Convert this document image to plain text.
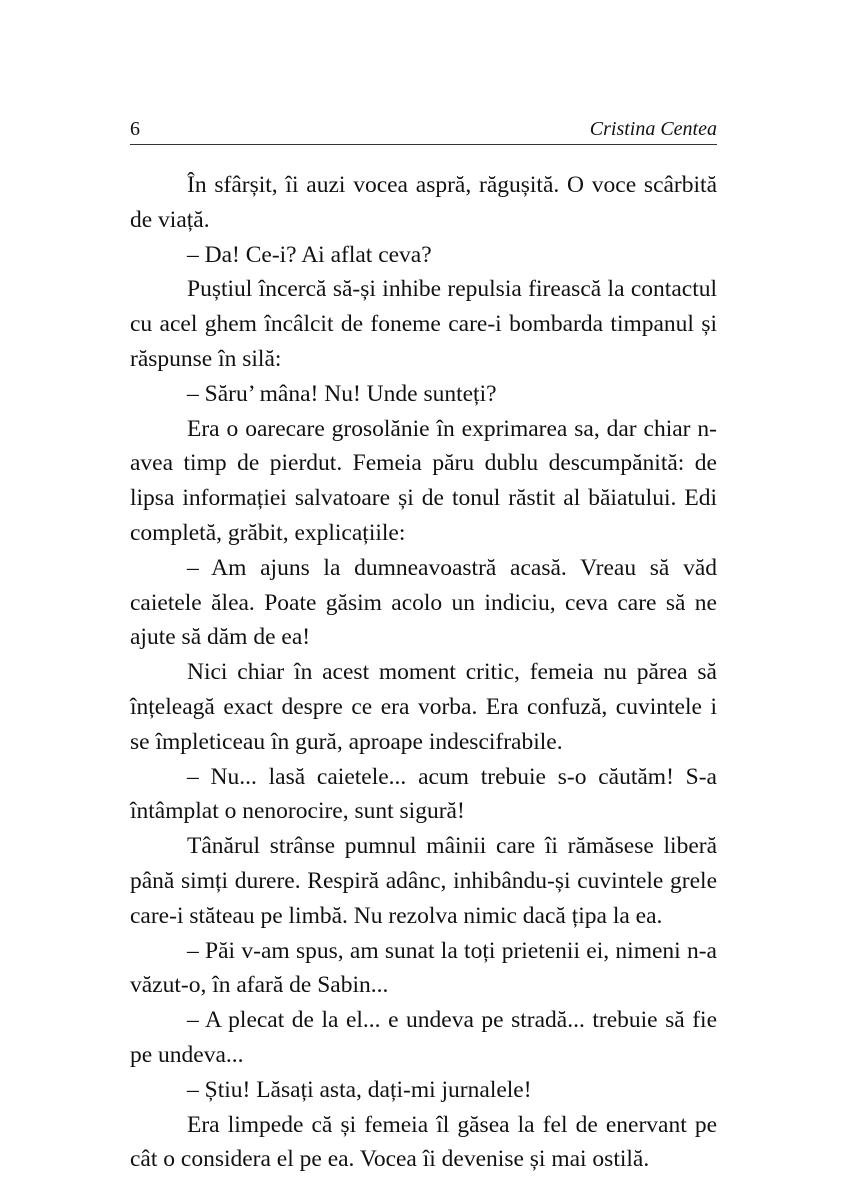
6	Cristina Centea

În sfârșit, îi auzi vocea aspră, răgușită. O voce scârbită de viață.

– Da! Ce-i? Ai aflat ceva?

Puștiul încercă să-și inhibe repulsia firească la contactul cu acel ghem încâlcit de foneme care-i bombarda timpanul și răspunse în silă:

– Săru’ mâna! Nu! Unde sunteți?

Era o oarecare grosolănie în exprimarea sa, dar chiar n-avea timp de pierdut. Femeia păru dublu descumpănită: de lipsa informației salvatoare și de tonul răstit al băiatului. Edi completă, grăbit, explicațiile:

– Am ajuns la dumneavoastră acasă. Vreau să văd caietele ălea. Poate găsim acolo un indiciu, ceva care să ne ajute să dăm de ea!

Nici chiar în acest moment critic, femeia nu părea să înțeleagă exact despre ce era vorba. Era confuză, cuvintele i se împleticeau în gură, aproape indescifrabile.

– Nu... lasă caietele... acum trebuie s-o căutăm! S-a întâmplat o nenorocire, sunt sigură!

Tânărul strânse pumnul mâinii care îi rămăsese liberă până simți durere. Respiră adânc, inhibându-și cuvintele grele care-i stăteau pe limbă. Nu rezolva nimic dacă țipa la ea.

– Păi v-am spus, am sunat la toți prietenii ei, nimeni n-a văzut-o, în afară de Sabin...

– A plecat de la el... e undeva pe stradă... trebuie să fie pe undeva...

– Știu! Lăsați asta, dați-mi jurnalele!

Era limpede că și femeia îl găsea la fel de enervant pe cât o considera el pe ea. Vocea îi devenise și mai ostilă.
